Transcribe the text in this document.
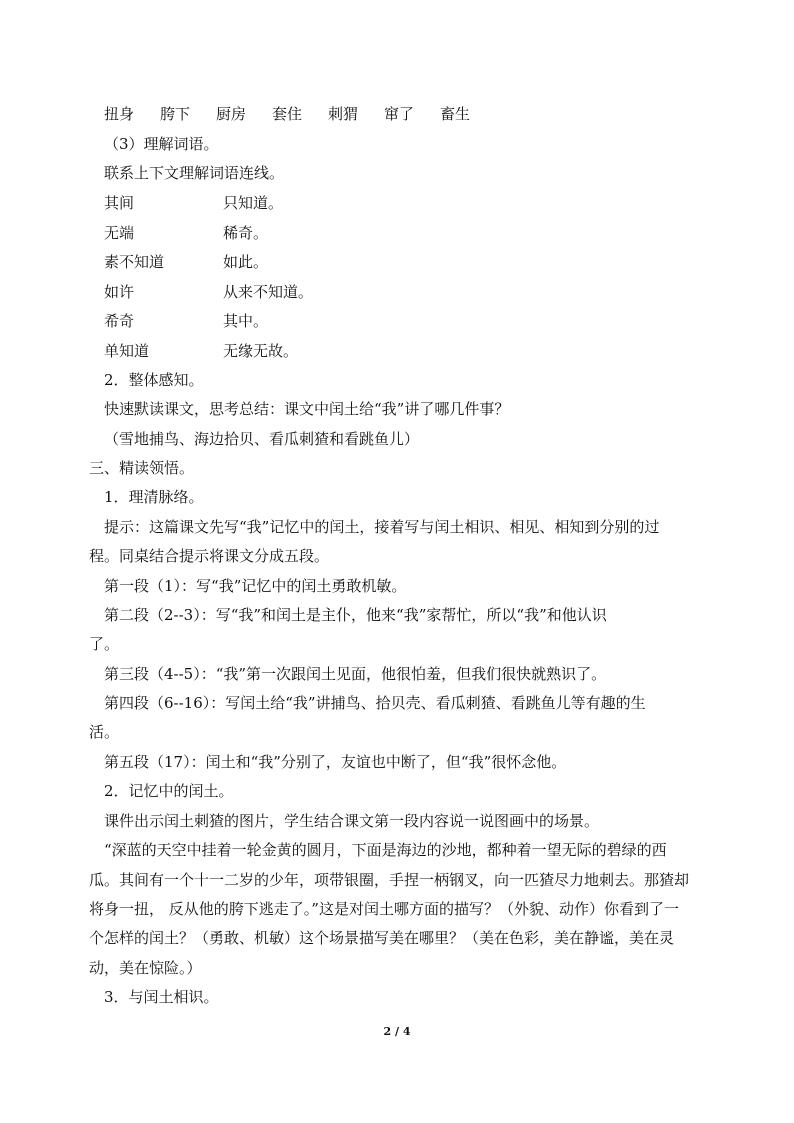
扭身 胯下 厨房 套住 刺猬 窜了 畜生
（3）理解词语。
联系上下文理解词语连线。
其间	只知道。
无端	稀奇。
素不知道	如此。
如许	从来不知道。
希奇	其中。
单知道	无缘无故。
2．整体感知。
快速默读课文，思考总结：课文中闰土给“我”讲了哪几件事？
（雪地捕鸟、海边拾贝、看瓜刺猹和看跳鱼儿）
三、精读领悟。
1．理清脉络。
提示：这篇课文先写“我”记忆中的闰土，接着写与闰土相识、相见、相知到分别的过
程。同桌结合提示将课文分成五段。
第一段（1）：写“我”记忆中的闰土勇敢机敏。
第二段（2--3）：写“我”和闰土是主仆，他来“我”家帮忙，所以“我”和他认识
了。
第三段（4--5）：“我”第一次跟闰土见面，他很怕羞，但我们很快就熟识了。
第四段（6--16）：写闰土给“我”讲捕鸟、拾贝壳、看瓜刺猹、看跳鱼儿等有趣的生
活。
第五段（17）：闰土和“我”分别了，友谊也中断了，但“我”很怀念他。
2．记忆中的闰土。
课件出示闰土刺猹的图片，学生结合课文第一段内容说一说图画中的场景。
“深蓝的天空中挂着一轮金黄的圆月，下面是海边的沙地，都种着一望无际的碧绿的西
瓜。其间有一个十一二岁的少年，项带银圈，手捏一柄钢叉，向一匹猹尽力地刺去。那猹却
将身一扭， 反从他的胯下逃走了。”这是对闰土哪方面的描写？（外貌、动作）你看到了一
个怎样的闰土？（勇敢、机敏）这个场景描写美在哪里？（美在色彩，美在静谧，美在灵
动，美在惊险。）
3．与闰土相识。
2 / 4
